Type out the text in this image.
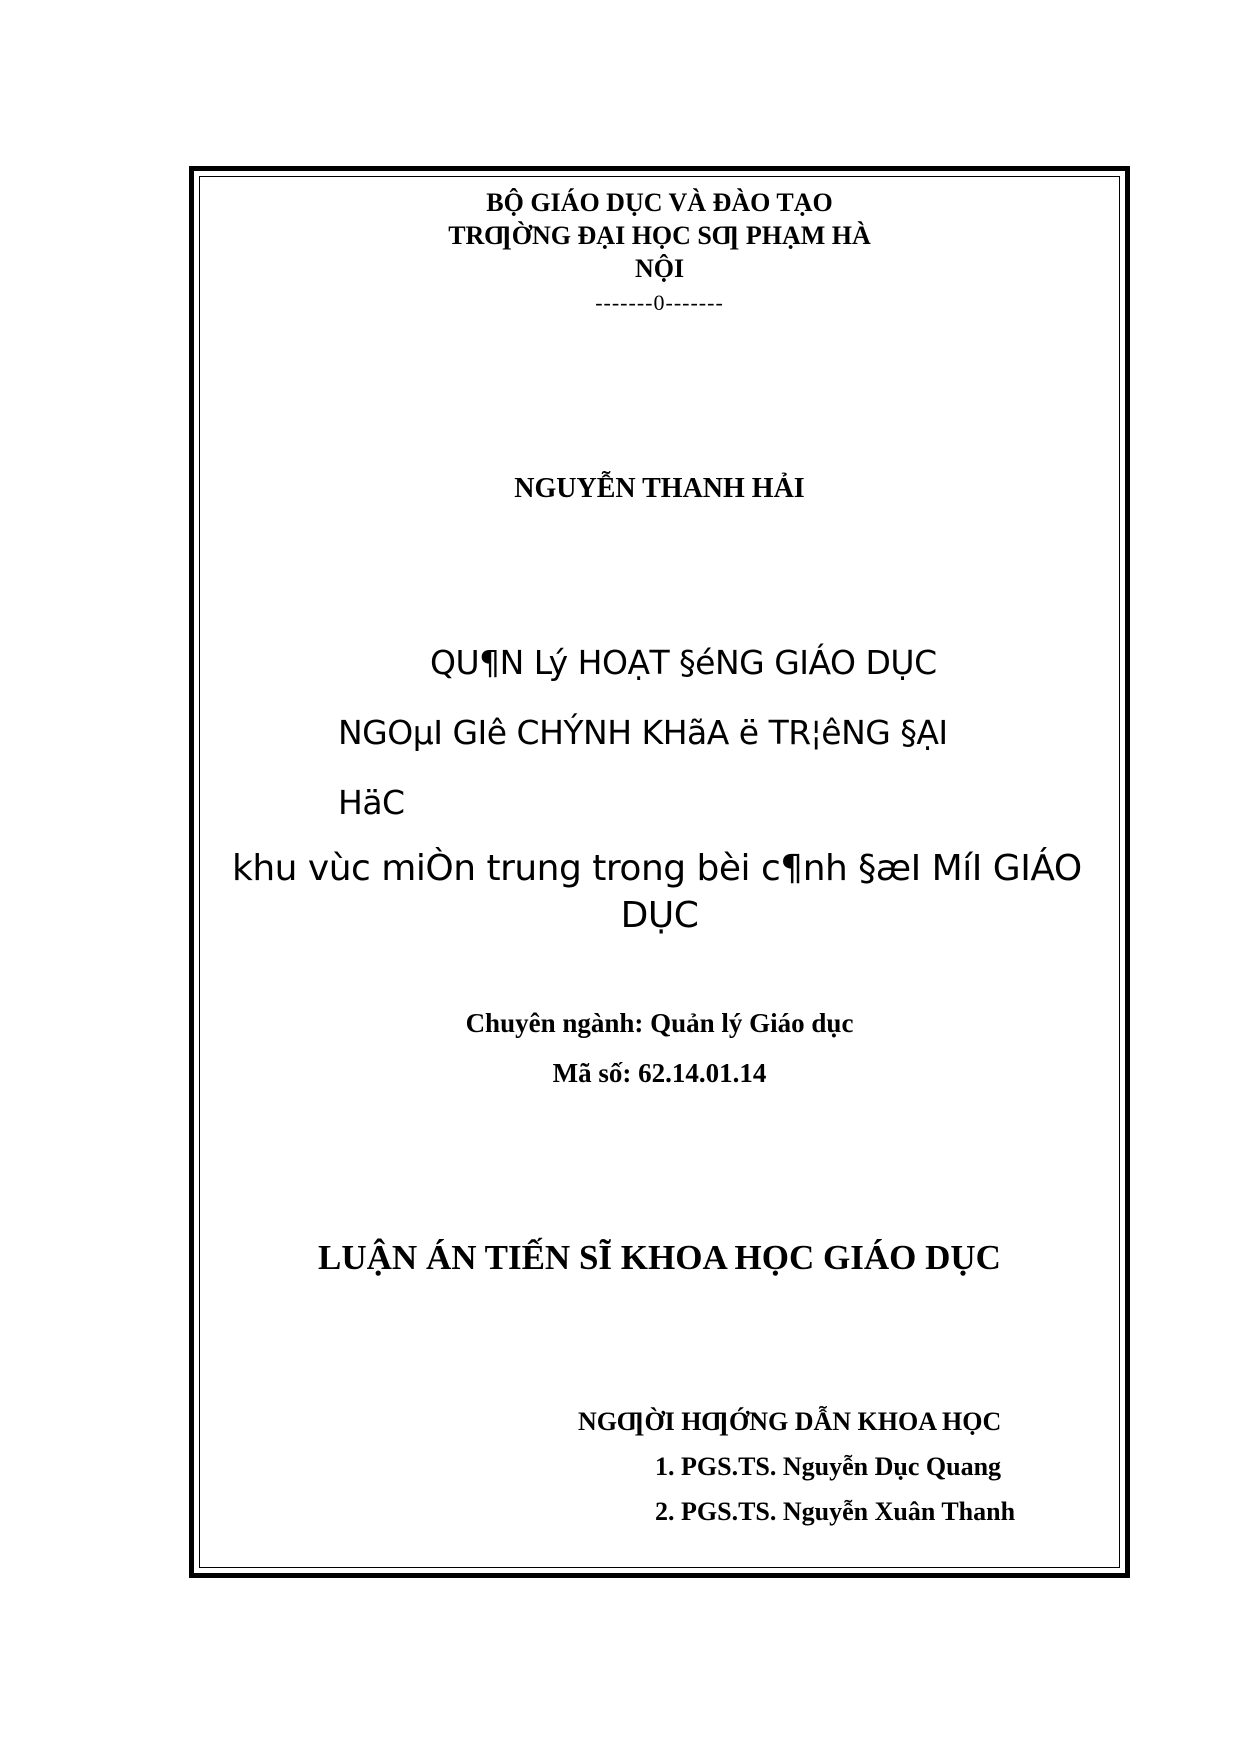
BỘ GIÁO DỤC VÀ ĐÀO TẠO
TRƢỜNG ĐẠI HỌC SƢ PHẠM HÀ
NỘI
-------0-------
NGUYỄN THANH HẢI
QU¶N Lý HOẠT §éNG GIÁO DỤC
NGOµI GIê CHÝNH KHãA ë TR¦êNG §ẠI
HäC
khu vùc miÒn trung trong bèi c¶nh §æI MíI GIÁO
DỤC
Chuyên ngành: Quản lý Giáo dục
Mã số: 62.14.01.14
LUẬN ÁN TIẾN SĨ KHOA HỌC GIÁO DỤC
NGƢỜI HƢỚNG DẪN KHOA HỌC
1. PGS.TS. Nguyễn Dục Quang
2. PGS.TS. Nguyễn Xuân Thanh
